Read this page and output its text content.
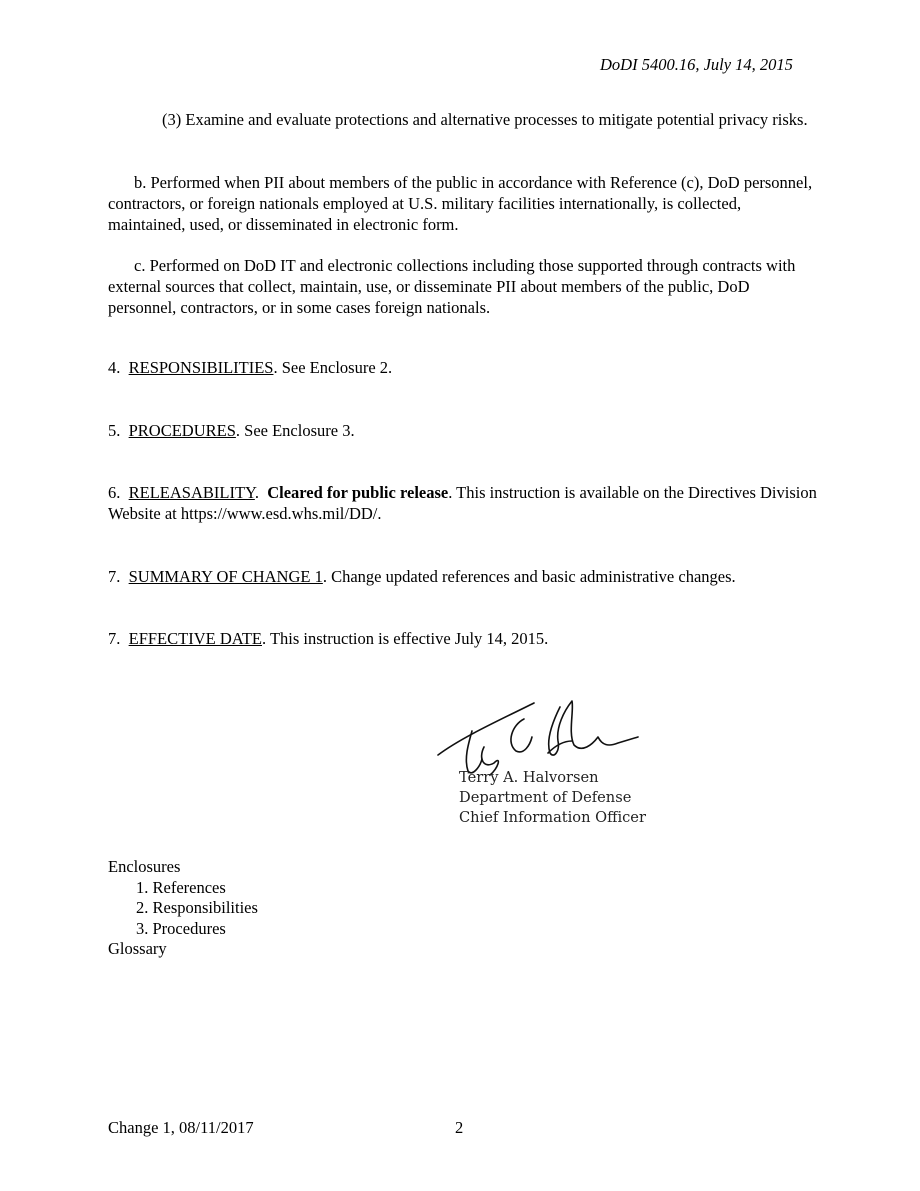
DoDI 5400.16, July 14, 2015
(3) Examine and evaluate protections and alternative processes to mitigate potential privacy risks.
b. Performed when PII about members of the public in accordance with Reference (c), DoD personnel, contractors, or foreign nationals employed at U.S. military facilities internationally, is collected, maintained, used, or disseminated in electronic form.
c. Performed on DoD IT and electronic collections including those supported through contracts with external sources that collect, maintain, use, or disseminate PII about members of the public, DoD personnel, contractors, or in some cases foreign nationals.
4. RESPONSIBILITIES. See Enclosure 2.
5. PROCEDURES. See Enclosure 3.
6. RELEASABILITY.  Cleared for public release. This instruction is available on the Directives Division Website at https://www.esd.whs.mil/DD/.
7. SUMMARY OF CHANGE 1. Change updated references and basic administrative changes.
7. EFFECTIVE DATE. This instruction is effective July 14, 2015.
Terry A. Halvorsen
Department of Defense
Chief Information Officer
Enclosures
1. References
2. Responsibilities
3. Procedures
Glossary
Change 1, 08/11/2017	2
